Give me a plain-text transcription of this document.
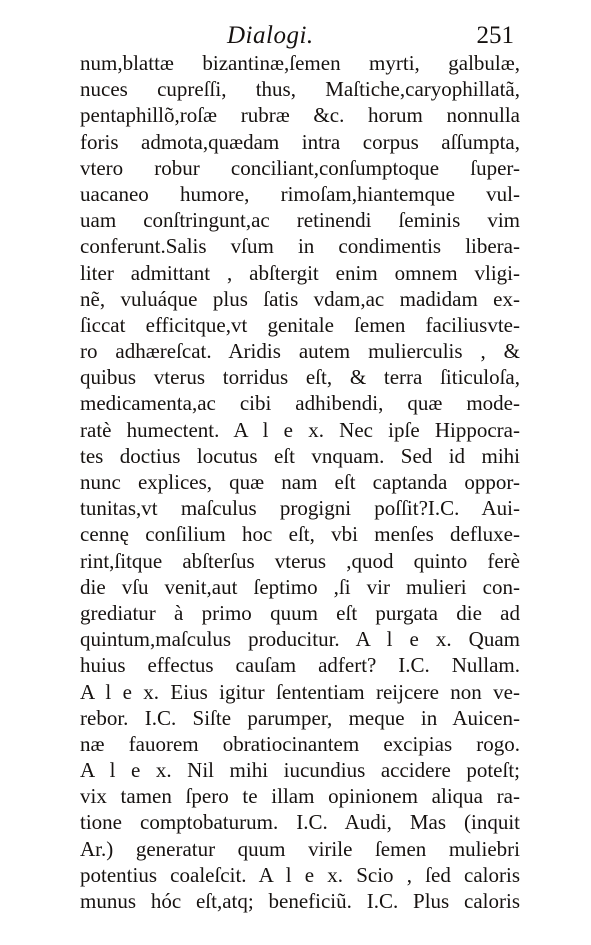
Dialogi.	251
num,blattæ bizantinæ,ſemen myrti, galbulæ,
nuces cupreſſi, thus, Maſtiche,caryophillatã,
pentaphillõ,roſæ rubræ &c. horum nonnulla
foris admota,quædam intra corpus aſſumpta,
vtero robur conciliant,conſumptoque ſuper-
uacaneo humore, rimoſam,hiantemque vul-
uam conſtringunt,ac retinendi ſeminis vim
conferunt.Salis vſum in condimentis libera-
liter admittant , abſtergit enim omnem vligi-
nẽ, vuluáque plus ſatis vdam,ac madidam ex-
ſiccat efficitque,vt genitale ſemen faciliusvte-
ro adhæreſcat. Aridis autem mulierculis , &
quibus vterus torridus eſt, & terra ſiticuloſa,
medicamenta,ac cibi adhibendi, quæ mode-
ratè humectent. A l e x. Nec ipſe Hippocra-
tes doctius locutus eſt vnquam. Sed id mihi
nunc explices, quæ nam eſt captanda oppor-
tunitas,vt maſculus progigni poſſit?I.C. Aui-
cennę conſilium hoc eſt, vbi menſes defluxe-
rint,ſitque abſterſus vterus ,quod quinto ferè
die vſu venit,aut ſeptimo ,ſi vir mulieri con-
grediatur à primo quum eſt purgata die ad
quintum,maſculus producitur. A l e x. Quam
huius effectus cauſam adfert? I.C. Nullam.
A l e x. Eius igitur ſententiam reijcere non ve-
rebor. I.C. Siſte parumper, meque in Auicen-
næ fauorem obratiocinantem excipias rogo.
A l e x. Nil mihi iucundius accidere poteſt;
vix tamen ſpero te illam opinionem aliqua ra-
tione comptobaturum. I.C. Audi, Mas (inquit
Ar.) generatur quum virile ſemen muliebri
potentius coaleſcit. A l e x. Scio , ſed caloris
munus hóc eſt,atq; beneficiũ. I.C. Plus caloris
